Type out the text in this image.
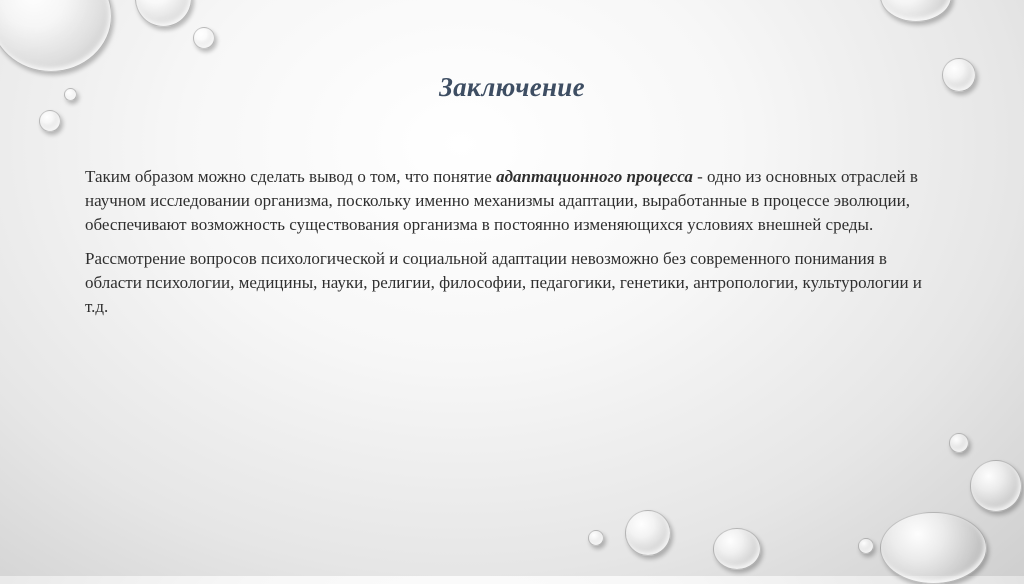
Заключение

Таким образом можно сделать вывод о том, что понятие адаптационного процесса - одно из основных отраслей в научном исследовании организма, поскольку именно механизмы адаптации, выработанные в процессе эволюции, обеспечивают возможность существования организма в постоянно изменяющихся условиях внешней среды.

Рассмотрение вопросов психологической и социальной адаптации невозможно без современного понимания в области психологии, медицины, науки, религии, философии, педагогики, генетики, антропологии, культурологии и т.д.
